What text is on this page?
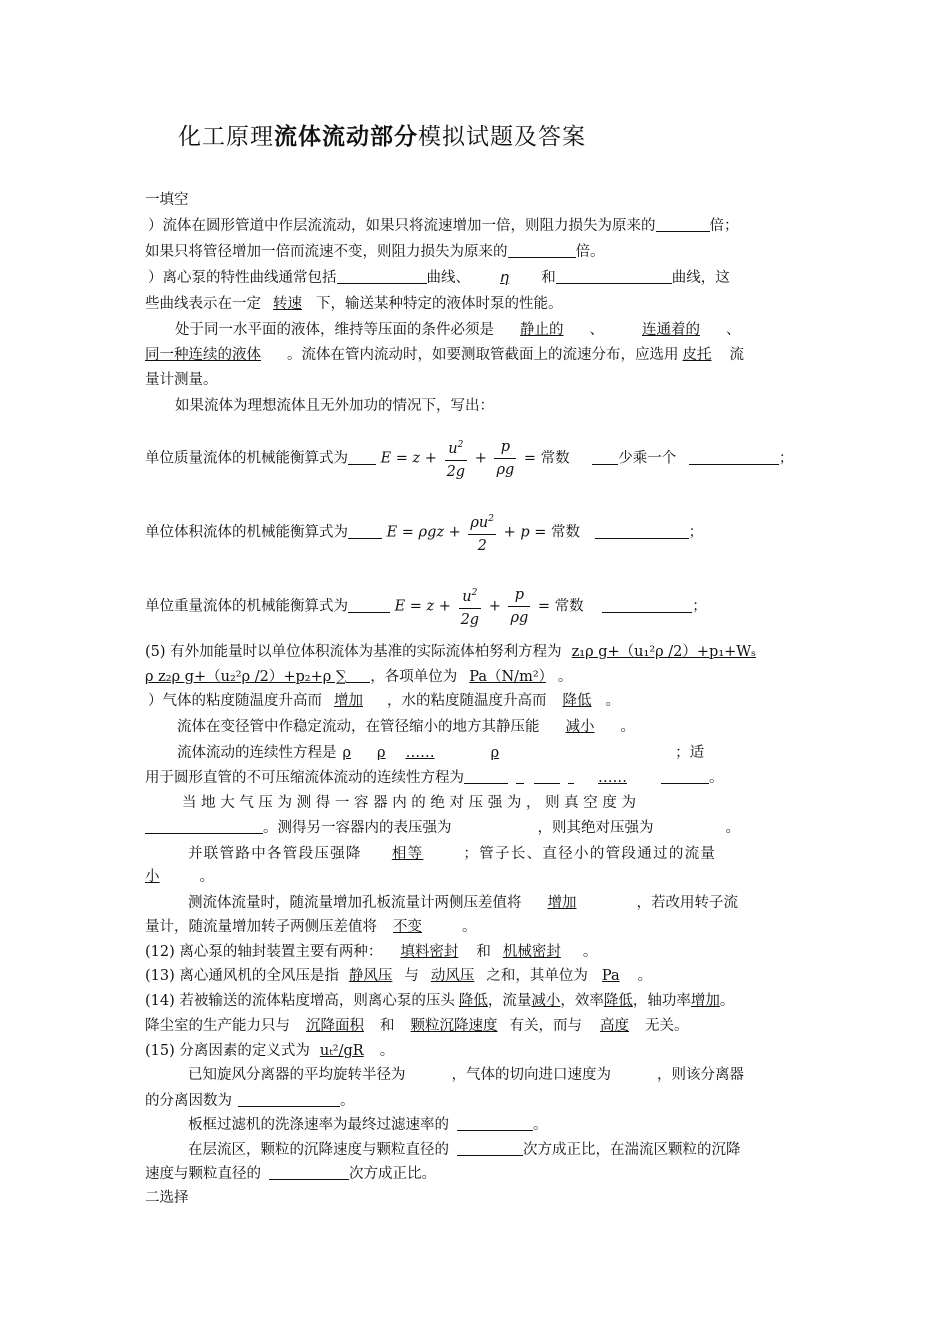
化工原理流体流动部分模拟试题及答案
一填空
）流体在圆形管道中作层流流动，如果只将流速增加一倍，则阻力损失为原来的	倍；
如果只将管径增加一倍而流速不变，则阻力损失为原来的	倍。
）离心泵的特性曲线通常包括	曲线、 η 和	曲线，这
些曲线表示在一定 转速 下，输送某种特定的液体时泵的性能。
处于同一水平面的液体，维持等压面的条件必须是 静止的 、	连通着的 、
同一种连续的液体 。流体在管内流动时，如要测取管截面上的流速分布，应选用 皮托 流
量计测量。
如果流体为理想流体且无外加功的情况下，写出：
单位质量流体的机械能衡算式为 $E = z + \frac{u^2}{2g} + \frac{p}{\rho g}$ = 常数	少乘一个	；
单位体积流体的机械能衡算式为	$E = \rho gz + \frac{\rho u^2}{2} + p$ = 常数	；
单位重量流体的机械能衡算式为	$E = z + \frac{u^2}{2g} + \frac{p}{\rho g}$ = 常数	；
(5) 有外加能量时以单位体积流体为基准的实际流体柏努利方程为 z₁ρ g+（u₁²ρ /2）+p₁+Wₛ
ρ z₂ρ g+（u₂²ρ /2）+p₂+ρ ∑ ，各项单位为 Pa（N/m²） 。
）气体的粘度随温度升高而 增加 ，水的粘度随温度升高而 降低 。
流体在变径管中作稳定流动，在管径缩小的地方其静压能 减小 。
流体流动的连续性方程是 ρ ρ ……	ρ	；适
用于圆形直管的不可压缩流体流动的连续性方程为	……	。
当 地 大 气 压 为 测 得 一 容 器 内 的 绝 对 压 强 为 ， 则 真 空 度 为
。测得另一容器内的表压强为	，则其绝对压强为	。
并联管路中各管段压强降 相等	；管子长、直径小的管段通过的流量
小	。
测流体流量时，随流量增加孔板流量计两侧压差值将 增加	，若改用转子流
量计，随流量增加转子两侧压差值将 不变	。
(12) 离心泵的轴封装置主要有两种： 填料密封 和 机械密封 。
(13) 离心通风机的全风压是指 静风压 与 动风压 之和，其单位为 Pa 。
(14) 若被输送的流体粘度增高，则离心泵的压头 降低，流量减小，效率降低，轴功率增加。
降尘室的生产能力只与 沉降面积 和 颗粒沉降速度 有关，而与 高度 无关。
(15) 分离因素的定义式为 uₜ²/gR 。
已知旋风分离器的平均旋转半径为	，气体的切向进口速度为	，则该分离器
的分离因数为	。
板框过滤机的洗涤速率为最终过滤速率的	。
在层流区，颗粒的沉降速度与颗粒直径的	次方成正比，在湍流区颗粒的沉降
速度与颗粒直径的	次方成正比。
二选择
